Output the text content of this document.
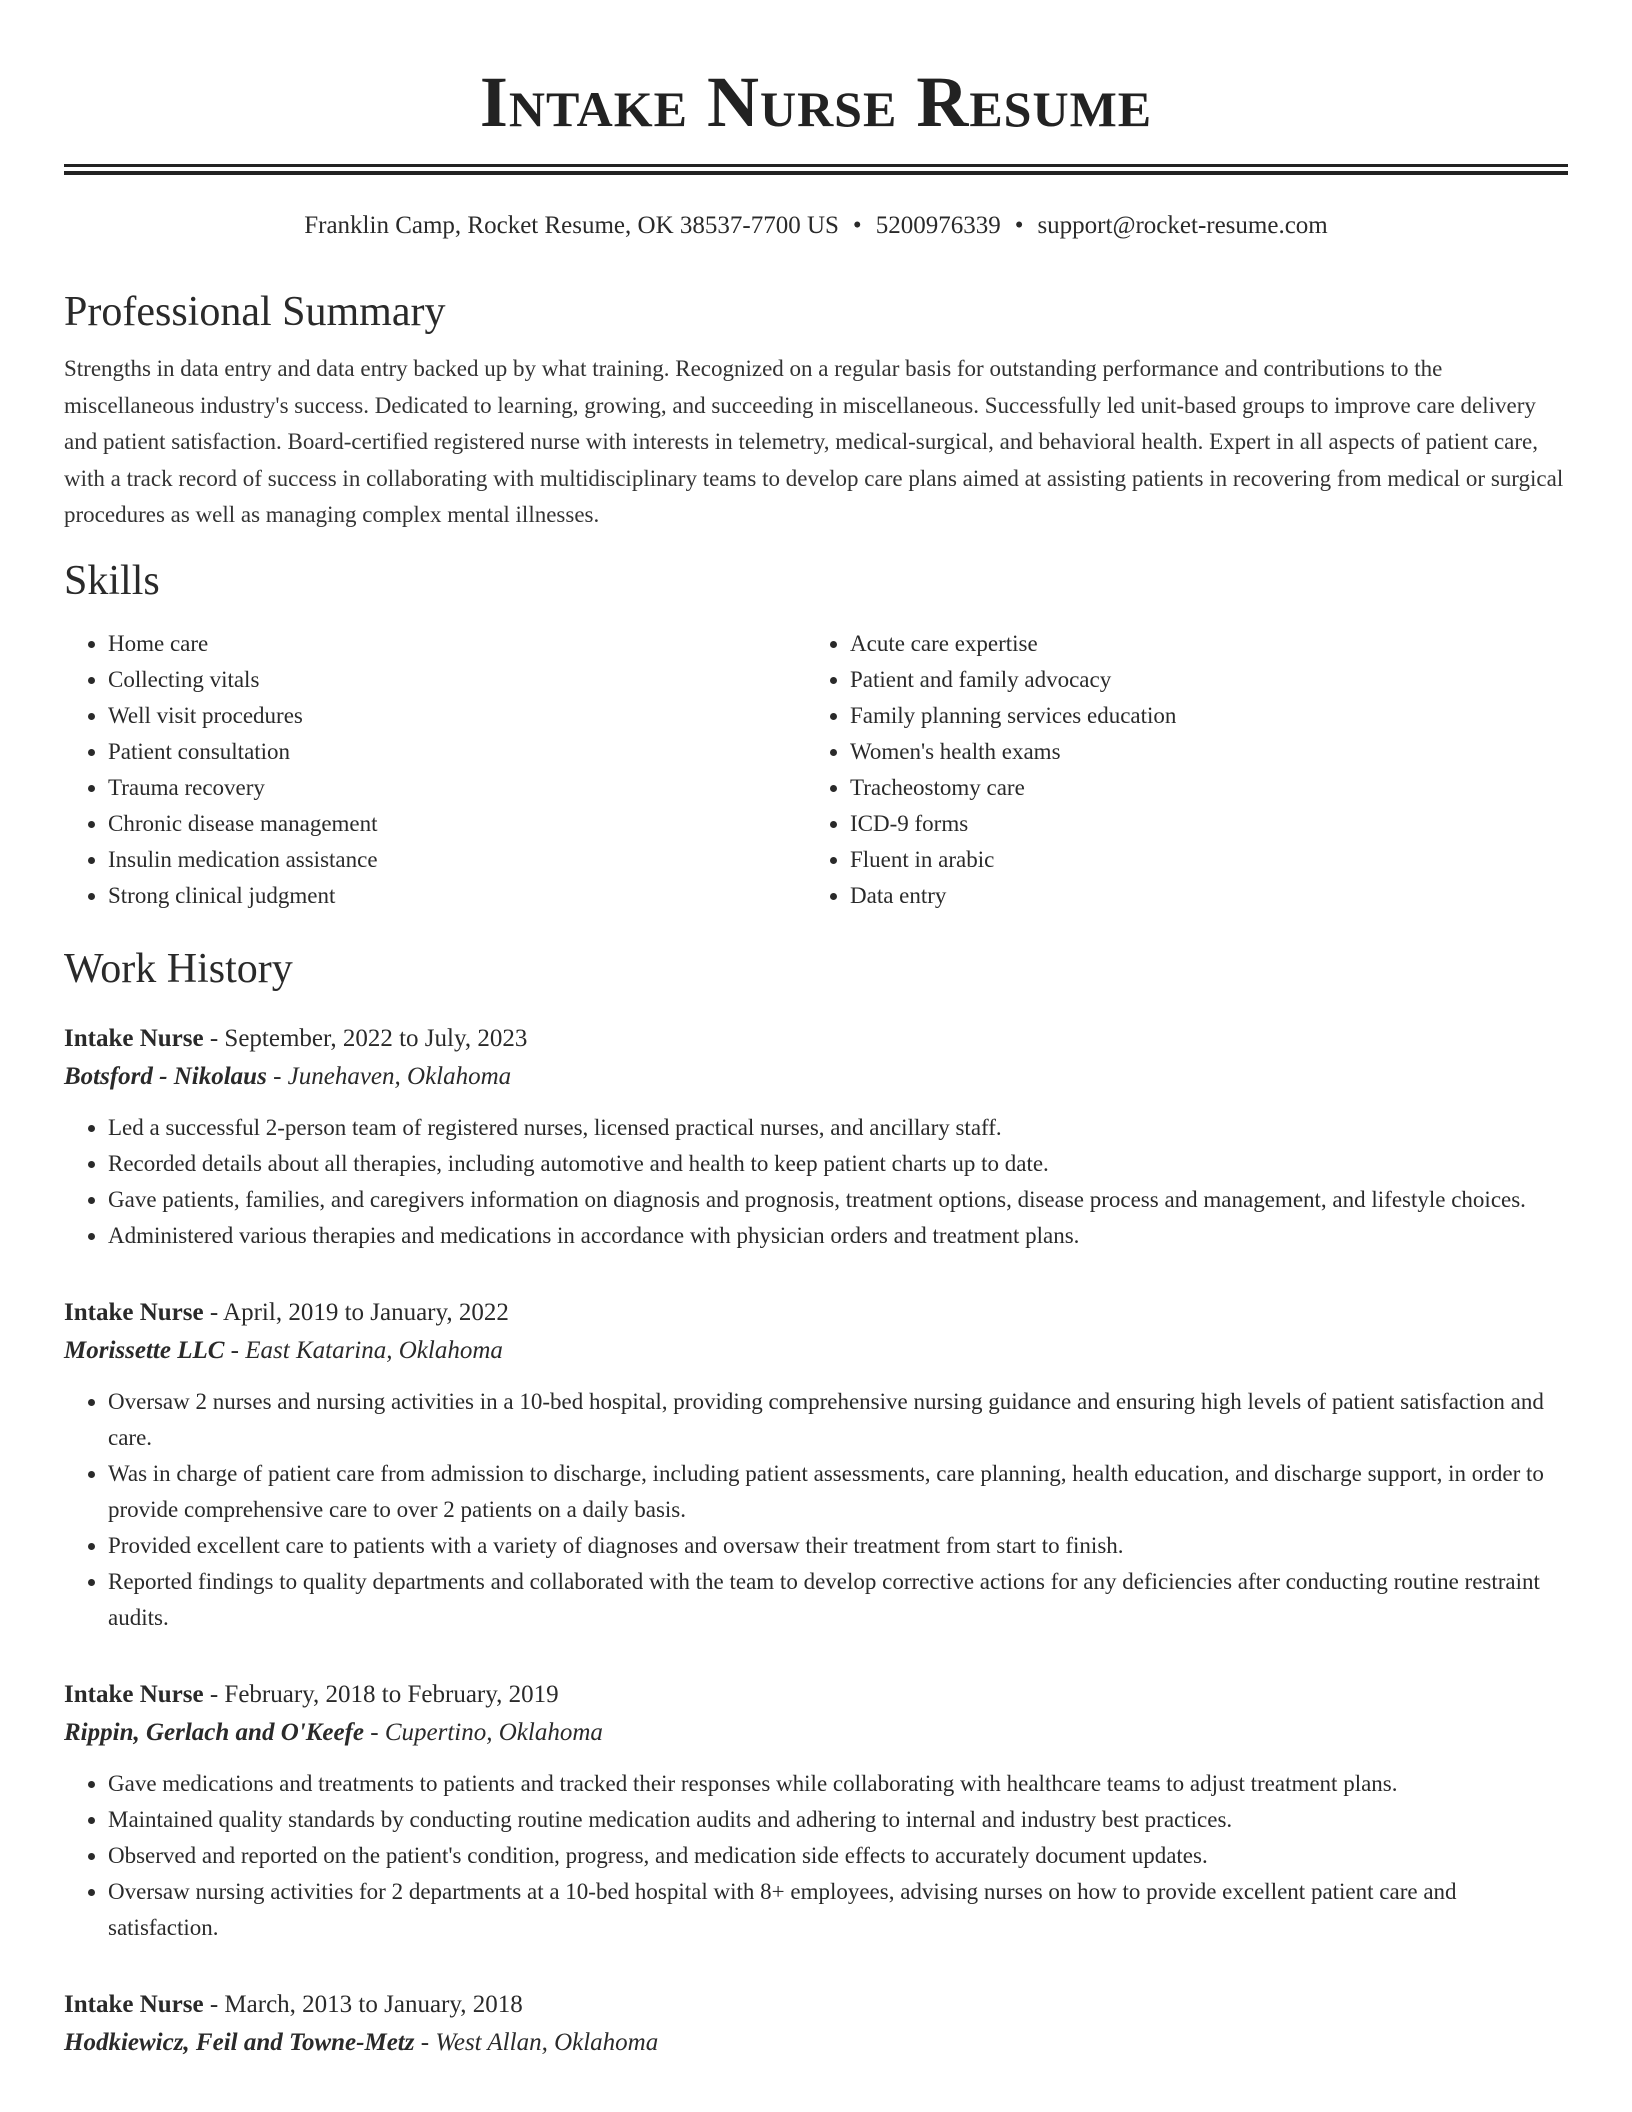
Intake Nurse Resume
Franklin Camp, Rocket Resume, OK 38537-7700 US • 5200976339 • support@rocket-resume.com
Professional Summary

Strengths in data entry and data entry backed up by what training. Recognized on a regular basis for outstanding performance and contributions to the miscellaneous industry's success. Dedicated to learning, growing, and succeeding in miscellaneous. Successfully led unit-based groups to improve care delivery and patient satisfaction. Board-certified registered nurse with interests in telemetry, medical-surgical, and behavioral health. Expert in all aspects of patient care, with a track record of success in collaborating with multidisciplinary teams to develop care plans aimed at assisting patients in recovering from medical or surgical procedures as well as managing complex mental illnesses.

Skills
• Home care
• Collecting vitals
• Well visit procedures
• Patient consultation
• Trauma recovery
• Chronic disease management
• Insulin medication assistance
• Strong clinical judgment
• Acute care expertise
• Patient and family advocacy
• Family planning services education
• Women's health exams
• Tracheostomy care
• ICD-9 forms
• Fluent in arabic
• Data entry
Work History
Intake Nurse - September, 2022 to July, 2023
Botsford - Nikolaus - Junehaven, Oklahoma
• Led a successful 2-person team of registered nurses, licensed practical nurses, and ancillary staff.
• Recorded details about all therapies, including automotive and health to keep patient charts up to date.
• Gave patients, families, and caregivers information on diagnosis and prognosis, treatment options, disease process and management, and lifestyle choices.
• Administered various therapies and medications in accordance with physician orders and treatment plans.
Intake Nurse - April, 2019 to January, 2022
Morissette LLC - East Katarina, Oklahoma
• Oversaw 2 nurses and nursing activities in a 10-bed hospital, providing comprehensive nursing guidance and ensuring high levels of patient satisfaction and care.
• Was in charge of patient care from admission to discharge, including patient assessments, care planning, health education, and discharge support, in order to provide comprehensive care to over 2 patients on a daily basis.
• Provided excellent care to patients with a variety of diagnoses and oversaw their treatment from start to finish.
• Reported findings to quality departments and collaborated with the team to develop corrective actions for any deficiencies after conducting routine restraint audits.
Intake Nurse - February, 2018 to February, 2019
Rippin, Gerlach and O'Keefe - Cupertino, Oklahoma
• Gave medications and treatments to patients and tracked their responses while collaborating with healthcare teams to adjust treatment plans.
• Maintained quality standards by conducting routine medication audits and adhering to internal and industry best practices.
• Observed and reported on the patient's condition, progress, and medication side effects to accurately document updates.
• Oversaw nursing activities for 2 departments at a 10-bed hospital with 8+ employees, advising nurses on how to provide excellent patient care and satisfaction.
Intake Nurse - March, 2013 to January, 2018
Hodkiewicz, Feil and Towne-Metz - West Allan, Oklahoma
